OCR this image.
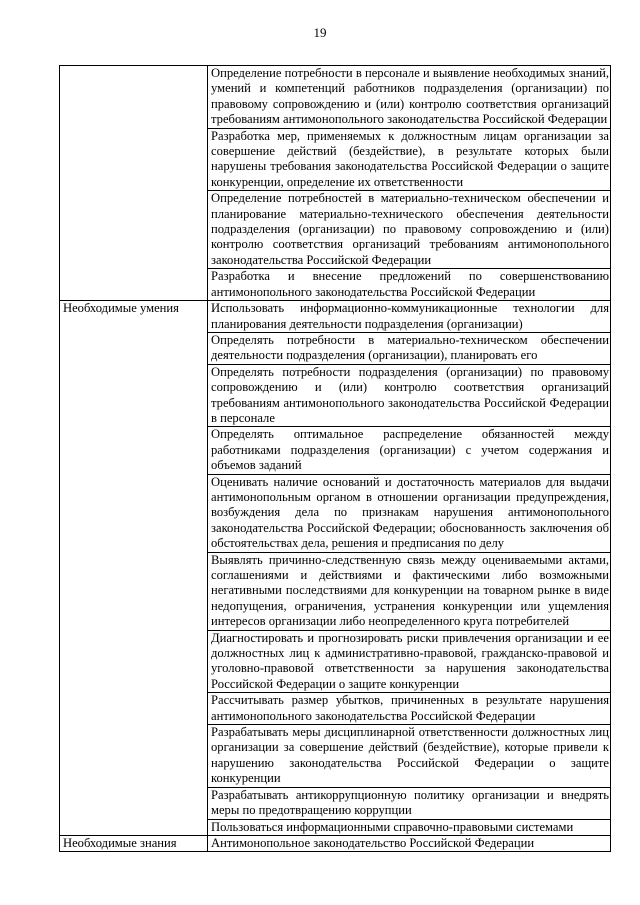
19
	Определение потребности в персонале и выявление необходимых знаний, умений и компетенций работников подразделения (организации) по правовому сопровождению и (или) контролю соответствия организаций требованиям антимонопольного законодательства Российской Федерации
	Разработка мер, применяемых к должностным лицам организации за совершение действий (бездействие), в результате которых были нарушены требования законодательства Российской Федерации о защите конкуренции, определение их ответственности
	Определение потребностей в материально-техническом обеспечении и планирование материально-технического обеспечения деятельности подразделения (организации) по правовому сопровождению и (или) контролю соответствия организаций требованиям антимонопольного законодательства Российской Федерации
	Разработка и внесение предложений по совершенствованию антимонопольного законодательства Российской Федерации
Необходимые умения	Использовать информационно-коммуникационные технологии для планирования деятельности подразделения (организации)
	Определять потребности в материально-техническом обеспечении деятельности подразделения (организации), планировать его
	Определять потребности подразделения (организации) по правовому сопровождению и (или) контролю соответствия организаций требованиям антимонопольного законодательства Российской Федерации в персонале
	Определять оптимальное распределение обязанностей между работниками подразделения (организации) с учетом содержания и объемов заданий
	Оценивать наличие оснований и достаточность материалов для выдачи антимонопольным органом в отношении организации предупреждения, возбуждения дела по признакам нарушения антимонопольного законодательства Российской Федерации; обоснованность заключения об обстоятельствах дела, решения и предписания по делу
	Выявлять причинно-следственную связь между оцениваемыми актами, соглашениями и действиями и фактическими либо возможными негативными последствиями для конкуренции на товарном рынке в виде недопущения, ограничения, устранения конкуренции или ущемления интересов организации либо неопределенного круга потребителей
	Диагностировать и прогнозировать риски привлечения организации и ее должностных лиц к административно-правовой, гражданско-правовой и уголовно-правовой ответственности за нарушения законодательства Российской Федерации о защите конкуренции
	Рассчитывать размер убытков, причиненных в результате нарушения антимонопольного законодательства Российской Федерации
	Разрабатывать меры дисциплинарной ответственности должностных лиц организации за совершение действий (бездействие), которые привели к нарушению законодательства Российской Федерации о защите конкуренции
	Разрабатывать антикоррупционную политику организации и внедрять меры по предотвращению коррупции
	Пользоваться информационными справочно-правовыми системами
Необходимые знания	Антимонопольное законодательство Российской Федерации
